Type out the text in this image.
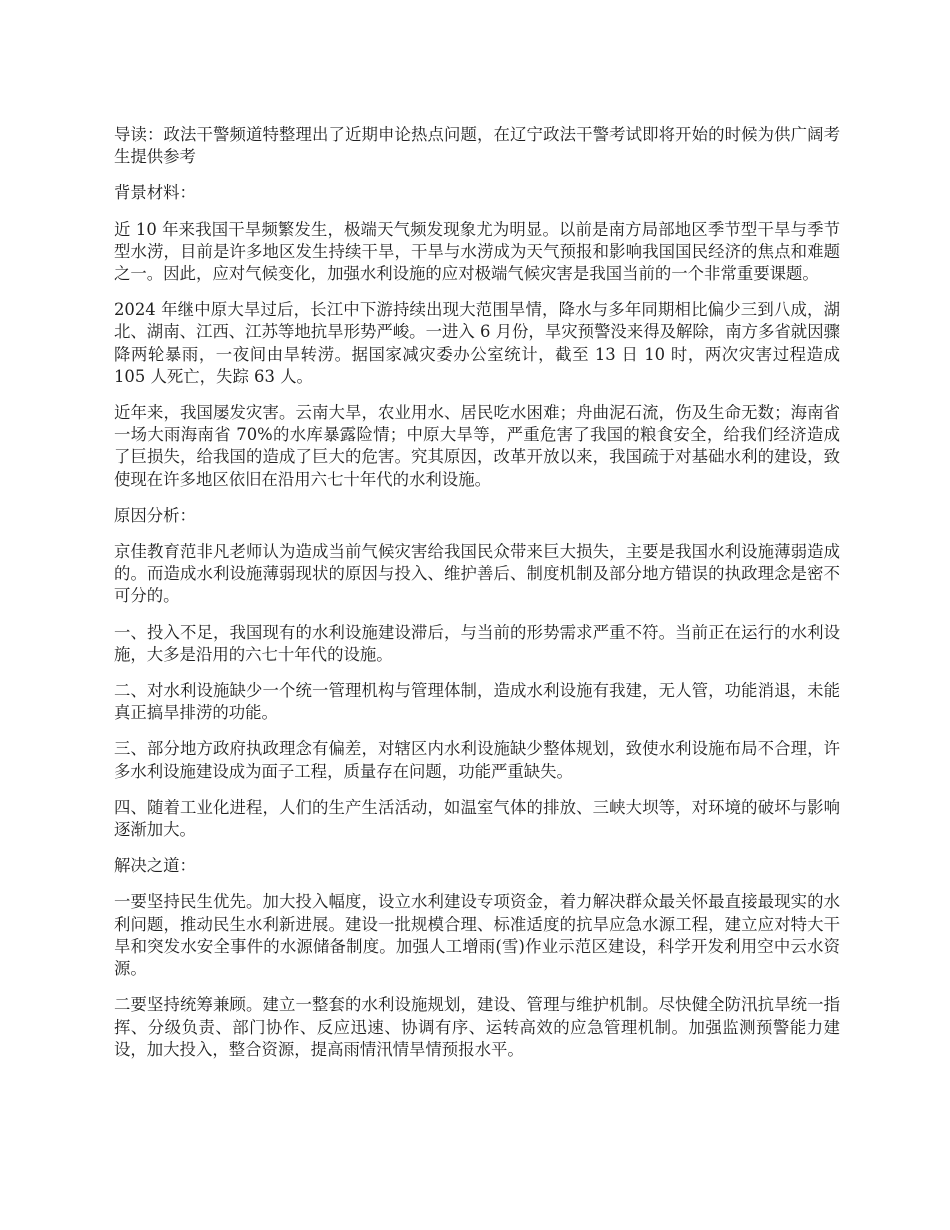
导读：政法干警频道特整理出了近期申论热点问题，在辽宁政法干警考试即将开始的时候为供广阔考生提供参考

背景材料：

近 10 年来我国干旱频繁发生，极端天气频发现象尤为明显。以前是南方局部地区季节型干旱与季节型水涝，目前是许多地区发生持续干旱，干旱与水涝成为天气预报和影响我国国民经济的焦点和难题之一。因此，应对气候变化，加强水利设施的应对极端气候灾害是我国当前的一个非常重要课题。

2024 年继中原大旱过后，长江中下游持续出现大范围旱情，降水与多年同期相比偏少三到八成，湖北、湖南、江西、江苏等地抗旱形势严峻。一进入 6 月份，旱灾预警没来得及解除，南方多省就因骤降两轮暴雨，一夜间由旱转涝。据国家减灾委办公室统计，截至 13 日 10 时，两次灾害过程造成 105 人死亡，失踪 63 人。

近年来，我国屡发灾害。云南大旱，农业用水、居民吃水困难；舟曲泥石流，伤及生命无数；海南省一场大雨海南省 70%的水库暴露险情；中原大旱等，严重危害了我国的粮食安全，给我们经济造成了巨损失，给我国的造成了巨大的危害。究其原因，改革开放以来，我国疏于对基础水利的建设，致使现在许多地区依旧在沿用六七十年代的水利设施。

原因分析：

京佳教育范非凡老师认为造成当前气候灾害给我国民众带来巨大损失，主要是我国水利设施薄弱造成的。而造成水利设施薄弱现状的原因与投入、维护善后、制度机制及部分地方错误的执政理念是密不可分的。

一、投入不足，我国现有的水利设施建设滞后，与当前的形势需求严重不符。当前正在运行的水利设施，大多是沿用的六七十年代的设施。

二、对水利设施缺少一个统一管理机构与管理体制，造成水利设施有我建，无人管，功能消退，未能真正搞旱排涝的功能。

三、部分地方政府执政理念有偏差，对辖区内水利设施缺少整体规划，致使水利设施布局不合理，许多水利设施建设成为面子工程，质量存在问题，功能严重缺失。

四、随着工业化进程，人们的生产生活活动，如温室气体的排放、三峡大坝等，对环境的破坏与影响逐渐加大。

解决之道：

一要坚持民生优先。加大投入幅度，设立水利建设专项资金，着力解决群众最关怀最直接最现实的水利问题，推动民生水利新进展。建设一批规模合理、标准适度的抗旱应急水源工程，建立应对特大干旱和突发水安全事件的水源储备制度。加强人工增雨(雪)作业示范区建设，科学开发利用空中云水资源。

二要坚持统筹兼顾。建立一整套的水利设施规划，建设、管理与维护机制。尽快健全防汛抗旱统一指挥、分级负责、部门协作、反应迅速、协调有序、运转高效的应急管理机制。加强监测预警能力建设，加大投入，整合资源，提高雨情汛情旱情预报水平。
